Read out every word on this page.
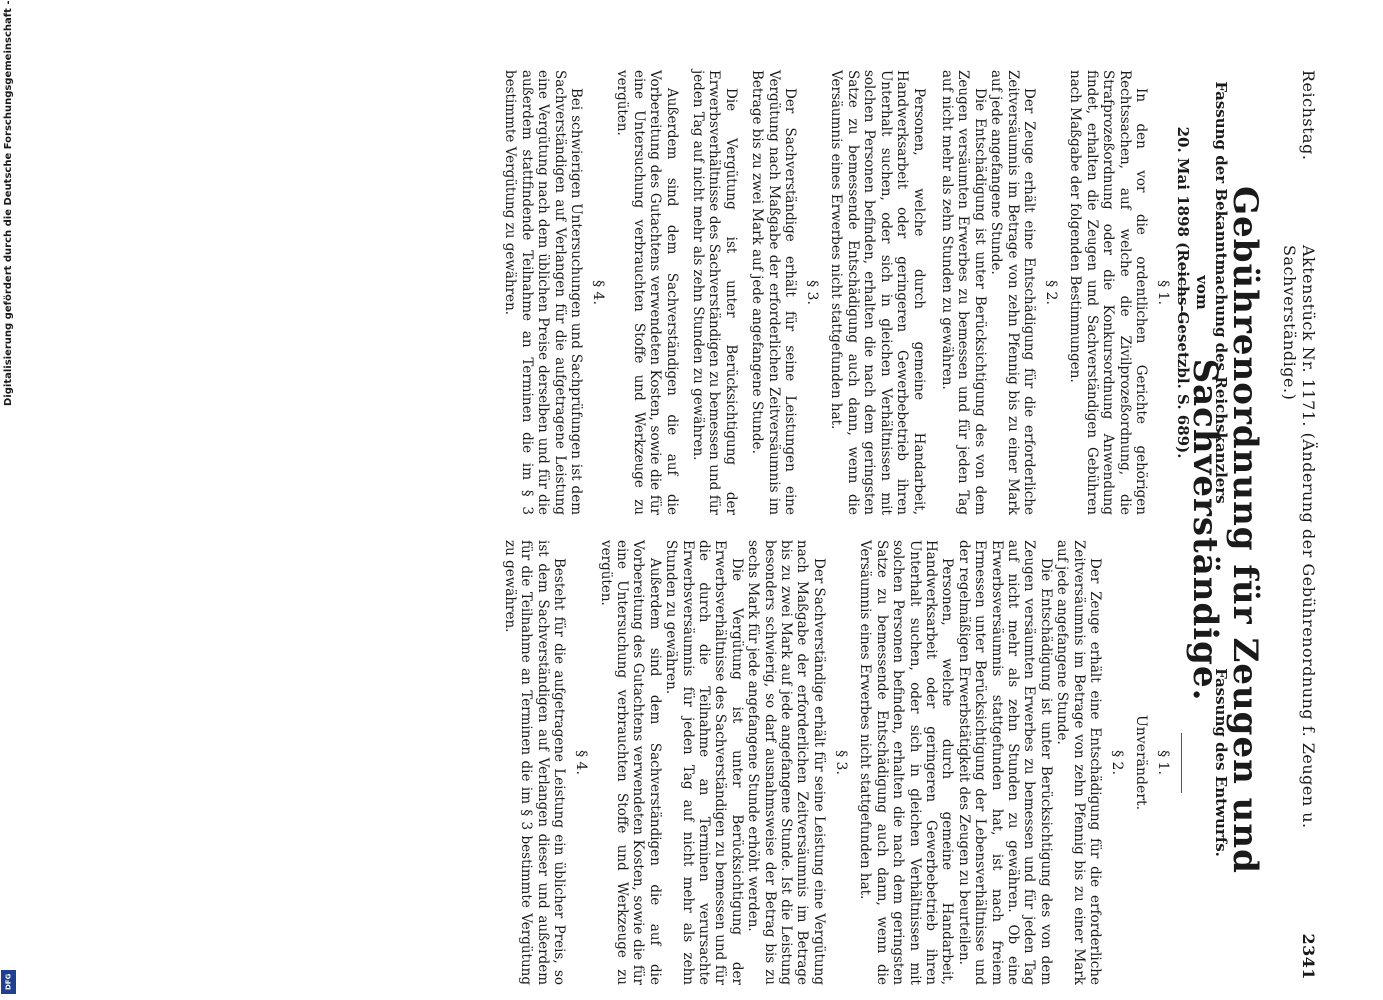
Reichstag.
Aktenstück Nr. 1171. (Änderung der Gebührenordnung f. Zeugen u. Sachverständige.)
2341
Gebührenordnung für Zeugen und Sachverständige.
Fassung der Bekanntmachung des Reichskanzlers vom
20. Mai 1898 (Reichs-Gesetzbl. S. 689).
§ 1.

In den vor die ordentlichen Gerichte gehörigen Rechtssachen, auf welche die Zivilprozeßordnung, die Strafprozeßordnung oder die Konkursordnung Anwendung findet, erhalten die Zeugen und Sachverständigen Gebühren nach Maßgabe der folgenden Bestimmungen.

§ 2.

Der Zeuge erhält eine Entschädigung für die erforderliche Zeitversäumnis im Betrage von zehn Pfennig bis zu einer Mark auf jede angefangene Stunde.

Die Entschädigung ist unter Berücksichtigung des von dem Zeugen versäumten Erwerbes zu bemessen und für jeden Tag auf nicht mehr als zehn Stunden zu gewähren.

Personen, welche durch gemeine Handarbeit, Handwerksarbeit oder geringeren Gewerbebetrieb ihren Unterhalt suchen, oder sich in gleichen Verhältnissen mit solchen Personen befinden, erhalten die nach dem geringsten Satze zu bemessende Entschädigung auch dann, wenn die Versäumnis eines Erwerbes nicht stattgefunden hat.

§ 3.

Der Sachverständige erhält für seine Leistungen eine Vergütung nach Maßgabe der erforderlichen Zeitversäumnis im Betrage bis zu zwei Mark auf jede angefangene Stunde.

Die Vergütung ist unter Berücksichtigung der Erwerbsverhältnisse des Sachverständigen zu bemessen und für jeden Tag auf nicht mehr als zehn Stunden zu gewähren.

Außerdem sind dem Sachverständigen die auf die Vorbereitung des Gutachtens verwendeten Kosten, sowie die für eine Untersuchung verbrauchten Stoffe und Werkzeuge zu vergüten.

§ 4.

Bei schwierigen Untersuchungen und Sachprüfungen ist dem Sachverständigen auf Verlangen für die aufgetragene Leistung eine Vergütung nach dem üblichen Preise derselben und für die außerdem stattfindende Teilnahme an Terminen die im § 3 bestimmte Vergütung zu gewähren.

Fassung des Entwurfs.
§ 1.

Unverändert.

§ 2.

Der Zeuge erhält eine Entschädigung für die erforderliche Zeitversäumnis im Betrage von zehn Pfennig bis zu einer Mark auf jede angefangene Stunde.

Die Entschädigung ist unter Berücksichtigung des von dem Zeugen versäumten Erwerbes zu bemessen und für jeden Tag auf nicht mehr als zehn Stunden zu gewähren. Ob eine Erwerbsversäumnis stattgefunden hat, ist nach freiem Ermessen unter Berücksichtigung der Lebensverhältnisse und der regelmäßigen Erwerbstätigkeit des Zeugen zu beurteilen.

Personen, welche durch gemeine Handarbeit, Handwerksarbeit oder geringeren Gewerbebetrieb ihren Unterhalt suchen, oder sich in gleichen Verhältnissen mit solchen Personen befinden, erhalten die nach dem geringsten Satze zu bemessende Entschädigung auch dann, wenn die Versäumnis eines Erwerbes nicht stattgefunden hat.

§ 3.

Der Sachverständige erhält für seine Leistung eine Vergütung nach Maßgabe der erforderlichen Zeitversäumnis im Betrage bis zu zwei Mark auf jede angefangene Stunde. Ist die Leistung besonders schwierig, so darf ausnahmsweise der Betrag bis zu sechs Mark für jede angefangene Stunde erhöht werden.

Die Vergütung ist unter Berücksichtigung der Erwerbsverhältnisse des Sachverständigen zu bemessen und für die durch die Teilnahme an Terminen verursachte Erwerbsversäumnis für jeden Tag auf nicht mehr als zehn Stunden zu gewähren.

Außerdem sind dem Sachverständigen die auf die Vorbereitung des Gutachtens verwendeten Kosten, sowie die für eine Untersuchung verbrauchten Stoffe und Werkzeuge zu vergüten.

§ 4.

Besteht für die aufgetragene Leistung ein üblicher Preis, so ist dem Sachverständigen auf Verlangen dieser und außerdem für die Teilnahme an Terminen die im § 3 bestimmte Vergütung zu gewähren.

Digitalisierung gefördert durch die Deutsche Forschungsgemeinschaft -
DFG
